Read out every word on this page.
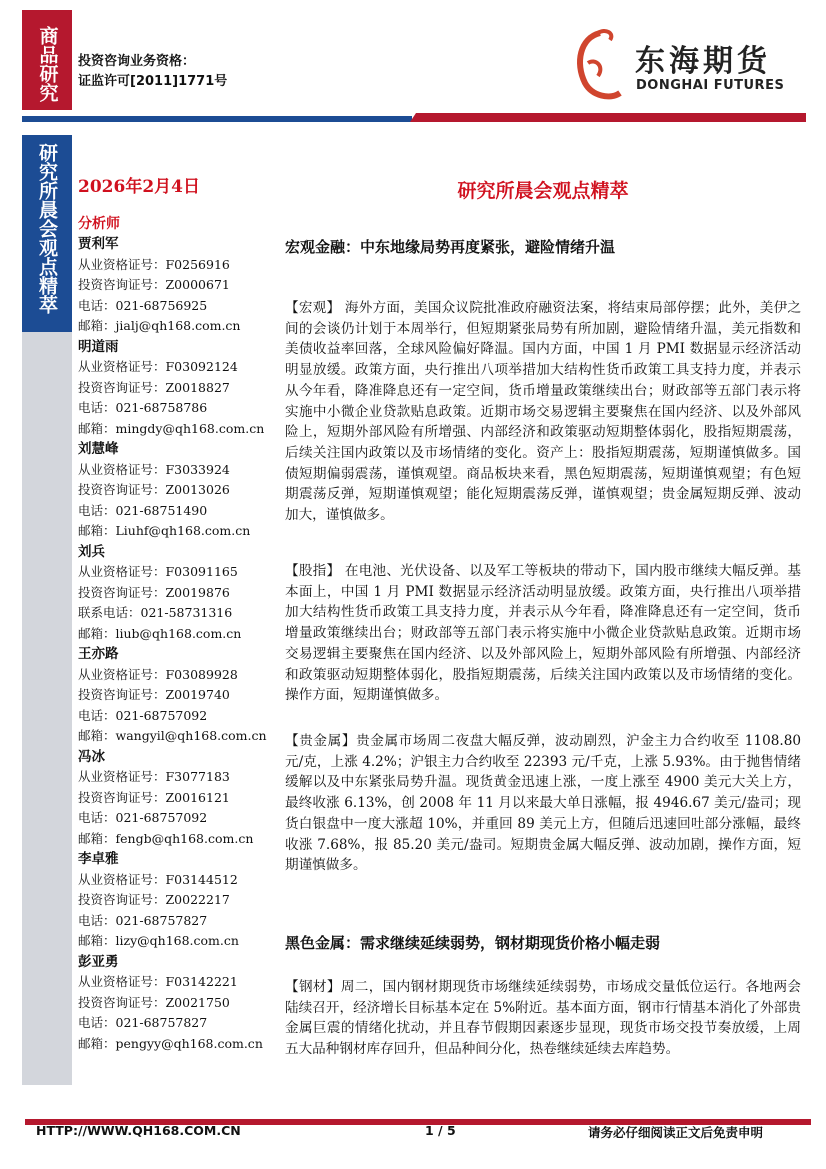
商品研究	投资咨询业务资格：
证监许可[2011]1771号
东海期货
DONGHAI FUTURES
研究所晨会观点精萃	2026年2月4日
分析师
贾利军
从业资格证号：F0256916
投资咨询证号：Z0000671
电话：021-68756925
邮箱：jialj@qh168.com.cn
明道雨
从业资格证号：F03092124
投资咨询证号：Z0018827
电话：021-68758786
邮箱：mingdy@qh168.com.cn
刘慧峰
从业资格证号：F3033924
投资咨询证号：Z0013026
电话：021-68751490
邮箱：Liuhf@qh168.com.cn
刘兵
从业资格证号：F03091165
投资咨询证号：Z0019876
联系电话：021-58731316
邮箱：liub@qh168.com.cn
王亦路
从业资格证号：F03089928
投资咨询证号：Z0019740
电话：021-68757092
邮箱：wangyil@qh168.com.cn
冯冰
从业资格证号：F3077183
投资咨询证号：Z0016121
电话：021-68757092
邮箱：fengb@qh168.com.cn
李卓雅
从业资格证号：F03144512
投资咨询证号：Z0022217
电话：021-68757827
邮箱：lizy@qh168.com.cn
彭亚勇
从业资格证号：F03142221
投资咨询证号：Z0021750
电话：021-68757827
邮箱：pengyy@qh168.com.cn
研究所晨会观点精萃
宏观金融：中东地缘局势再度紧张，避险情绪升温
【宏观】 海外方面，美国众议院批准政府融资法案，将结束局部停摆；此外，美伊之间的会谈仍计划于本周举行，但短期紧张局势有所加剧，避险情绪升温，美元指数和美债收益率回落，全球风险偏好降温。国内方面，中国 1 月 PMI 数据显示经济活动明显放缓。政策方面，央行推出八项举措加大结构性货币政策工具支持力度，并表示从今年看，降准降息还有一定空间，货币增量政策继续出台；财政部等五部门表示将实施中小微企业贷款贴息政策。近期市场交易逻辑主要聚焦在国内经济、以及外部风险上，短期外部风险有所增强、内部经济和政策驱动短期整体弱化，股指短期震荡，后续关注国内政策以及市场情绪的变化。资产上：股指短期震荡，短期谨慎做多。国债短期偏弱震荡，谨慎观望。商品板块来看，黑色短期震荡，短期谨慎观望；有色短期震荡反弹，短期谨慎观望；能化短期震荡反弹，谨慎观望；贵金属短期反弹、波动加大，谨慎做多。
【股指】 在电池、光伏设备、以及军工等板块的带动下，国内股市继续大幅反弹。基本面上，中国 1 月 PMI 数据显示经济活动明显放缓。政策方面，央行推出八项举措加大结构性货币政策工具支持力度，并表示从今年看，降准降息还有一定空间，货币增量政策继续出台；财政部等五部门表示将实施中小微企业贷款贴息政策。近期市场交易逻辑主要聚焦在国内经济、以及外部风险上，短期外部风险有所增强、内部经济和政策驱动短期整体弱化，股指短期震荡，后续关注国内政策以及市场情绪的变化。操作方面，短期谨慎做多。
【贵金属】贵金属市场周二夜盘大幅反弹，波动剧烈，沪金主力合约收至 1108.80 元/克，上涨 4.2%；沪银主力合约收至 22393 元/千克，上涨 5.93%。由于抛售情绪缓解以及中东紧张局势升温。现货黄金迅速上涨，一度上涨至 4900 美元大关上方，最终收涨 6.13%，创 2008 年 11 月以来最大单日涨幅，报 4946.67 美元/盎司；现货白银盘中一度大涨超 10%，并重回 89 美元上方，但随后迅速回吐部分涨幅，最终收涨 7.68%，报 85.20 美元/盎司。短期贵金属大幅反弹、波动加剧，操作方面，短期谨慎做多。
黑色金属：需求继续延续弱势，钢材期现货价格小幅走弱
【钢材】周二，国内钢材期现货市场继续延续弱势，市场成交量低位运行。各地两会陆续召开，经济增长目标基本定在 5%附近。基本面方面，钢市行情基本消化了外部贵金属巨震的情绪化扰动，并且春节假期因素逐步显现，现货市场交投节奏放缓，上周五大品种钢材库存回升，但品种间分化，热卷继续延续去库趋势。
HTTP://WWW.QH168.COM.CN	1 / 5	请务必仔细阅读正文后免责申明
